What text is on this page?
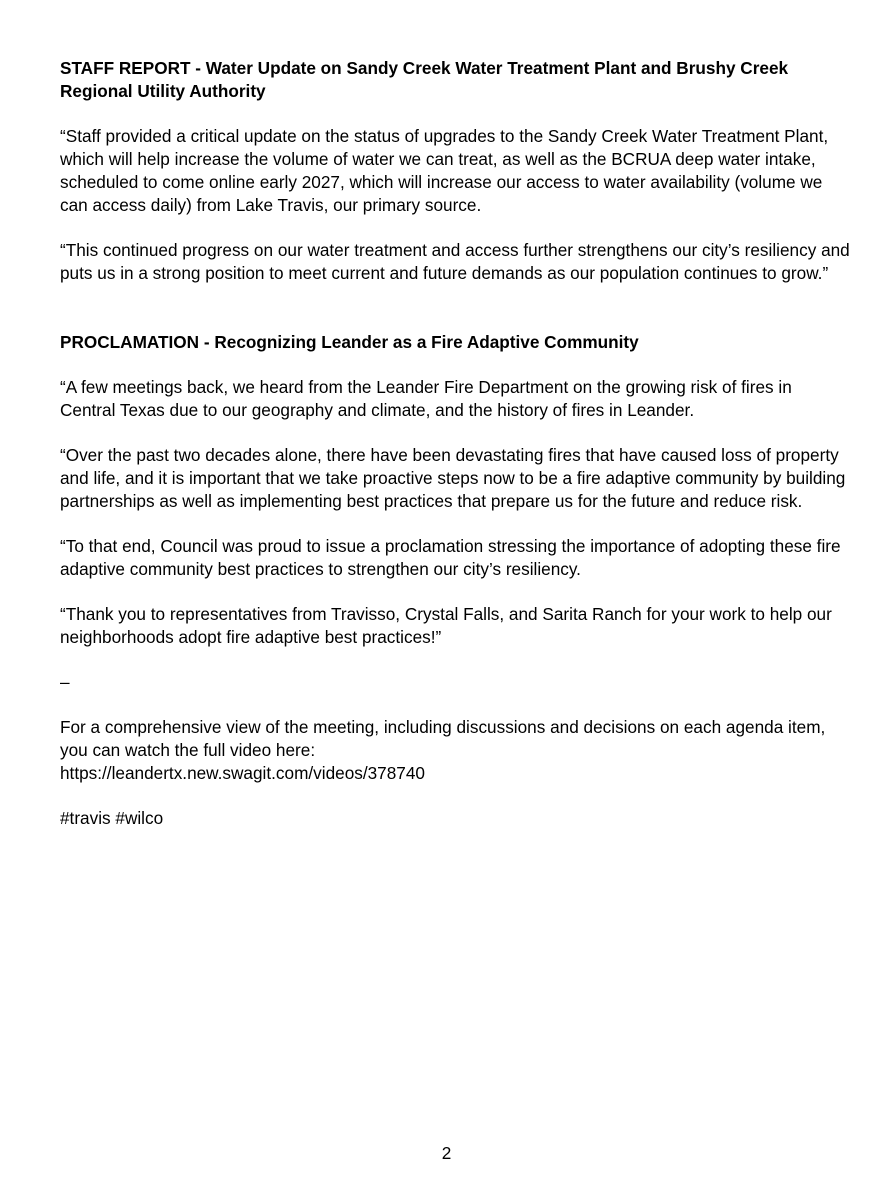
STAFF REPORT - Water Update on Sandy Creek Water Treatment Plant and Brushy Creek Regional Utility Authority
“Staff provided a critical update on the status of upgrades to the Sandy Creek Water Treatment Plant, which will help increase the volume of water we can treat, as well as the BCRUA deep water intake, scheduled to come online early 2027, which will increase our access to water availability (volume we can access daily) from Lake Travis, our primary source.
“This continued progress on our water treatment and access further strengthens our city’s resiliency and puts us in a strong position to meet current and future demands as our population continues to grow.”
PROCLAMATION - Recognizing Leander as a Fire Adaptive Community
“A few meetings back, we heard from the Leander Fire Department on the growing risk of fires in Central Texas due to our geography and climate, and the history of fires in Leander.
“Over the past two decades alone, there have been devastating fires that have caused loss of property and life, and it is important that we take proactive steps now to be a fire adaptive community by building partnerships as well as implementing best practices that prepare us for the future and reduce risk.
“To that end, Council was proud to issue a proclamation stressing the importance of adopting these fire adaptive community best practices to strengthen our city’s resiliency.
“Thank you to representatives from Travisso, Crystal Falls, and Sarita Ranch for your work to help our neighborhoods adopt fire adaptive best practices!”
–
For a comprehensive view of the meeting, including discussions and decisions on each agenda item, you can watch the full video here:
https://leandertx.new.swagit.com/videos/378740
#travis #wilco
2
